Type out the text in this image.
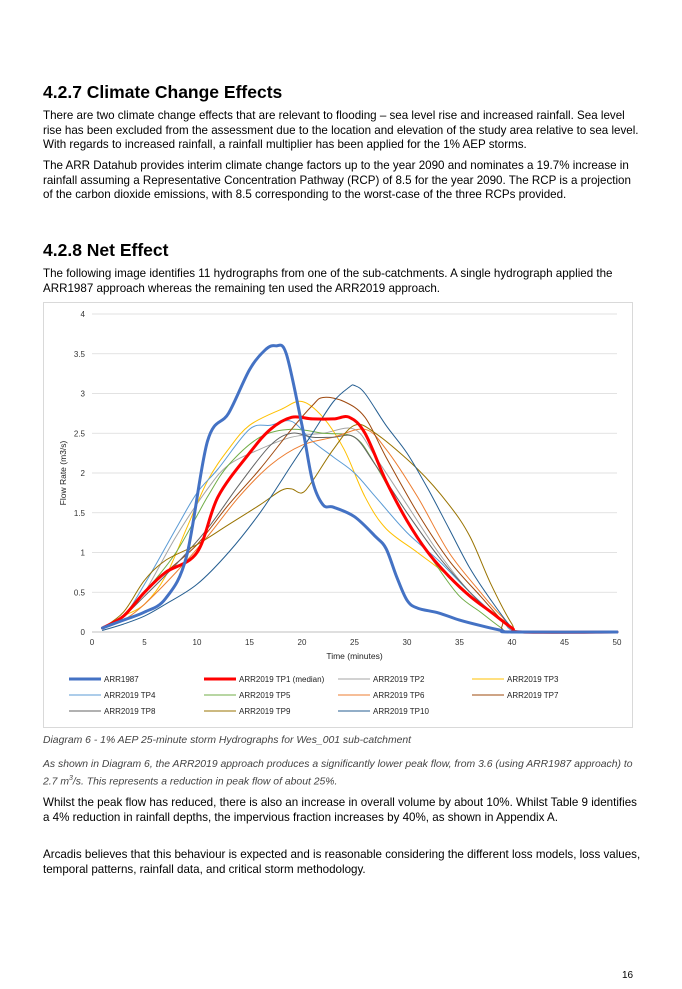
4.2.7 Climate Change Effects

There are two climate change effects that are relevant to flooding – sea level rise and increased rainfall. Sea level rise has been excluded from the assessment due to the location and elevation of the study area relative to sea level. With regards to increased rainfall, a rainfall multiplier has been applied for the 1% AEP storms.

The ARR Datahub provides interim climate change factors up to the year 2090 and nominates a 19.7% increase in rainfall assuming a Representative Concentration Pathway (RCP) of 8.5 for the year 2090. The RCP is a projection of the carbon dioxide emissions, with 8.5 corresponding to the worst-case of the three RCPs provided.

4.2.8 Net Effect

The following image identifies 11 hydrographs from one of the sub-catchments. A single hydrograph applied the ARR1987 approach whereas the remaining ten used the ARR2019 approach.

0
0.5
1
1.5
2
2.5
3
3.5
4
0	5	10	15	20	25	30	35	40	45	50
Time (minutes)
Flow Rate (m3/s)
ARR1987	ARR2019 TP1 (median)	ARR2019 TP2	ARR2019 TP3
ARR2019 TP4	ARR2019 TP5	ARR2019 TP6	ARR2019 TP7
ARR2019 TP8	ARR2019 TP9	ARR2019 TP10

Diagram 6 - 1% AEP 25-minute storm Hydrographs for Wes_001 sub-catchment

As shown in Diagram 6, the ARR2019 approach produces a significantly lower peak flow, from 3.6 (using ARR1987 approach) to 2.7 $m^3/s$. This represents a reduction in peak flow of about 25%.

Whilst the peak flow has reduced, there is also an increase in overall volume by about 10%. Whilst Table 9 identifies a 4% reduction in rainfall depths, the impervious fraction increases by 40%, as shown in Appendix A.

Arcadis believes that this behaviour is expected and is reasonable considering the different loss models, loss values, temporal patterns, rainfall data, and critical storm methodology.

16
